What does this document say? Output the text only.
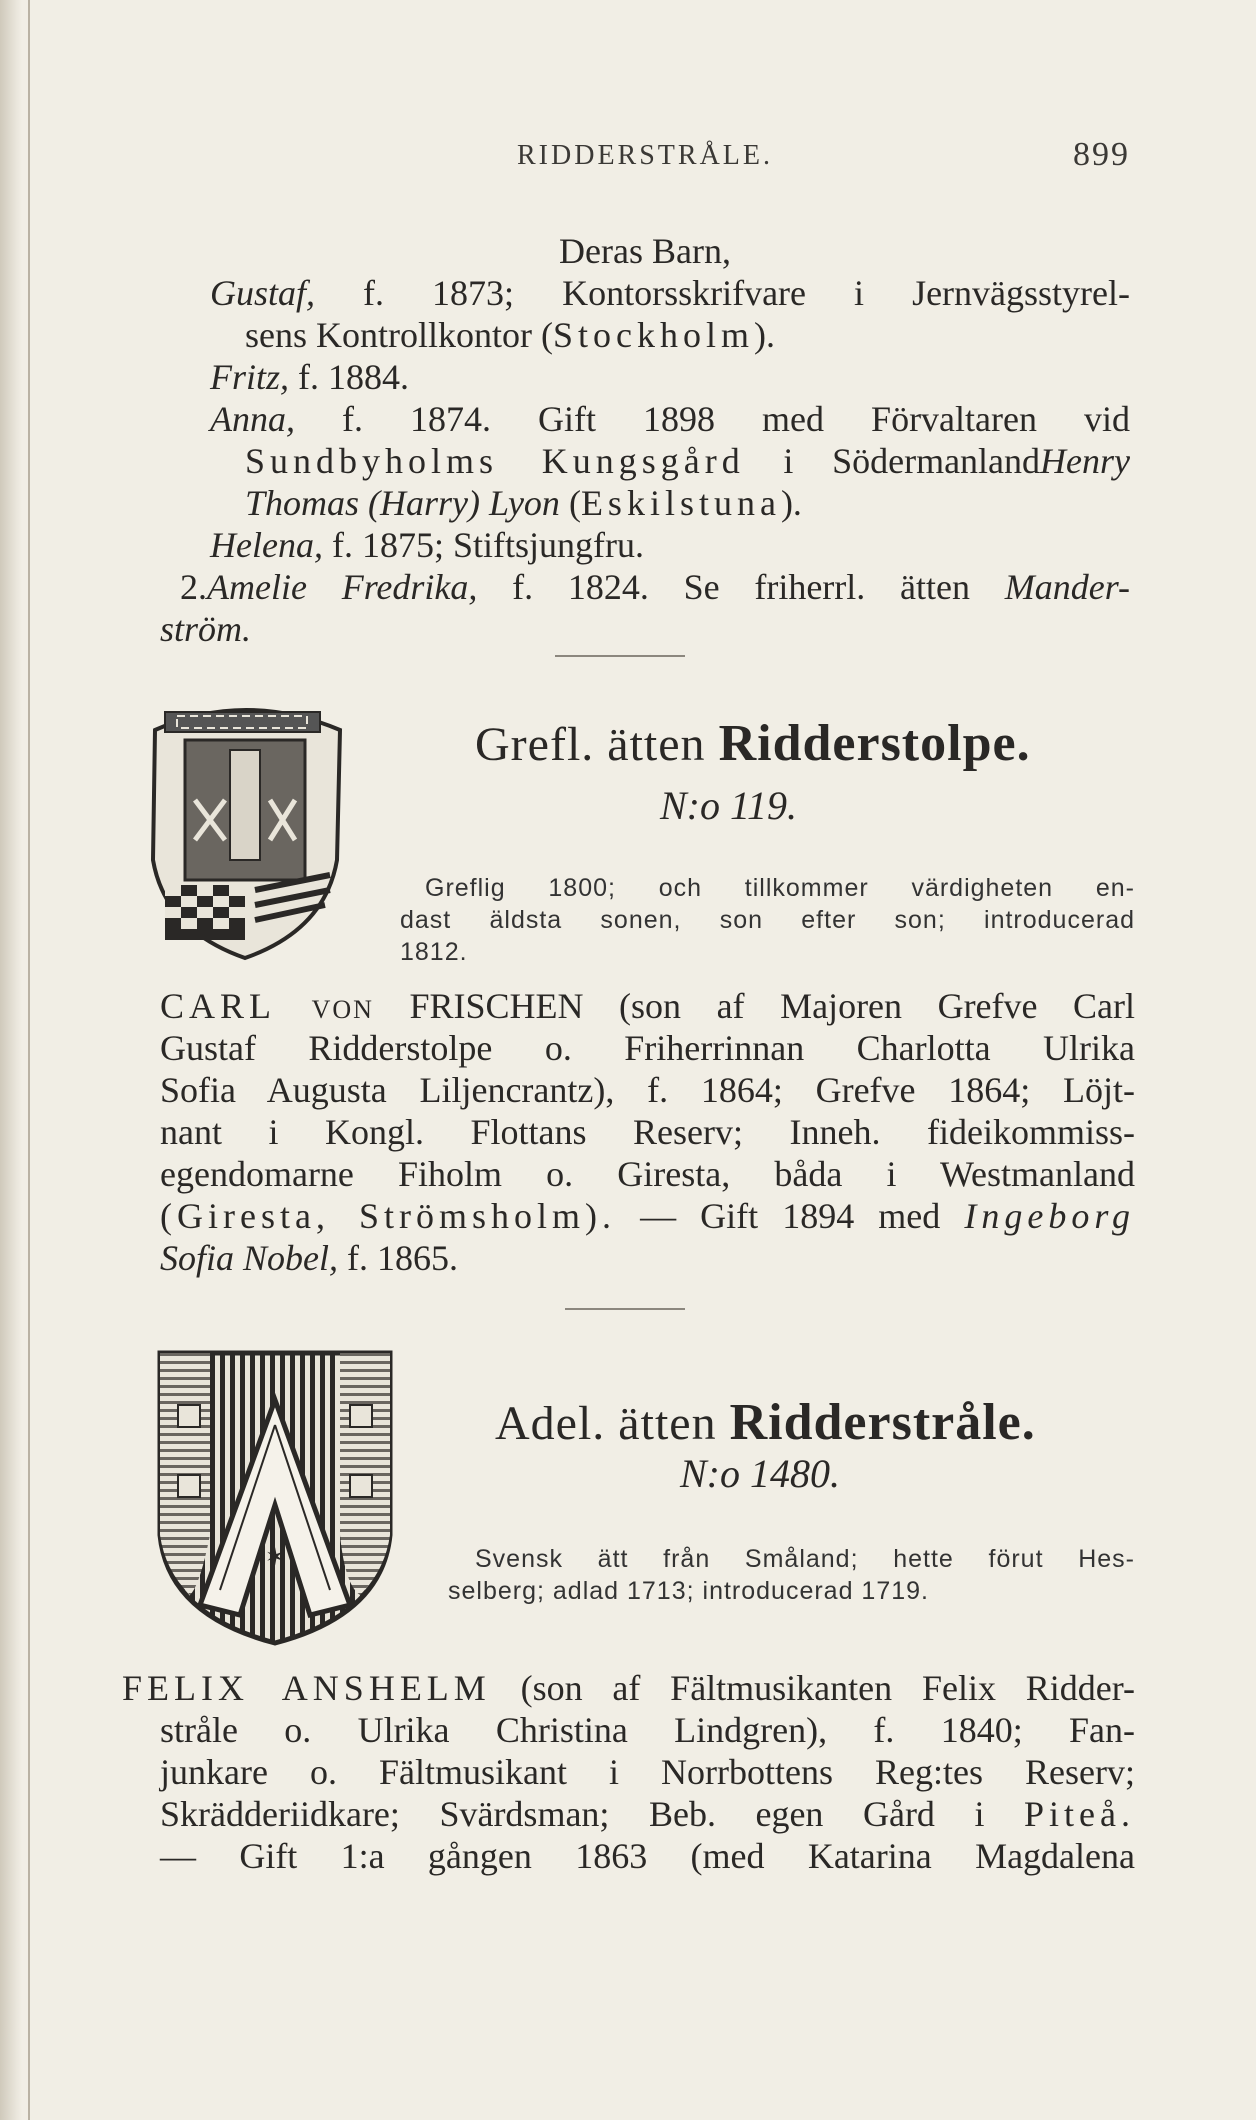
RIDDERSTRÅLE.	899
Deras Barn,
Gustaf, f. 1873; Kontorsskrifvare i Jernvägsstyrel-
sens Kontrollkontor (Stockholm).
Fritz, f. 1884.
Anna, f. 1874. Gift 1898 med Förvaltaren vid
Sundbyholms Kungsgård i SödermanlandHenry
Thomas (Harry) Lyon (Eskilstuna).
Helena, f. 1875; Stiftsjungfru.
2.Amelie Fredrika, f. 1824. Se friherrl. ätten Mander-
ström.
Grefl. ätten Ridderstolpe.
N:o 119.
Greflig 1800; och tillkommer värdigheten en-
dast äldsta sonen, son efter son; introducerad
1812.
CARL VON FRISCHEN (son af Majoren Grefve Carl
Gustaf Ridderstolpe o. Friherrinnan Charlotta Ulrika
Sofia Augusta Liljencrantz), f. 1864; Grefve 1864; Löjt-
nant i Kongl. Flottans Reserv; Inneh. fideikommiss-
egendomarne Fiholm o. Giresta, båda i Westmanland
(Giresta, Strömsholm). — Gift 1894 med Ingeborg
Sofia Nobel, f. 1865.
✶
Adel. ätten Ridderstråle.
N:o 1480.
Svensk ätt från Småland; hette förut Hes-
selberg; adlad 1713; introducerad 1719.
FELIX ANSHELM (son af Fältmusikanten Felix Ridder-
stråle o. Ulrika Christina Lindgren), f. 1840; Fan-
junkare o. Fältmusikant i Norrbottens Reg:tes Reserv;
Skrädderiidkare; Svärdsman; Beb. egen Gård i Piteå.
— Gift 1:a gången 1863 (med Katarina Magdalena
